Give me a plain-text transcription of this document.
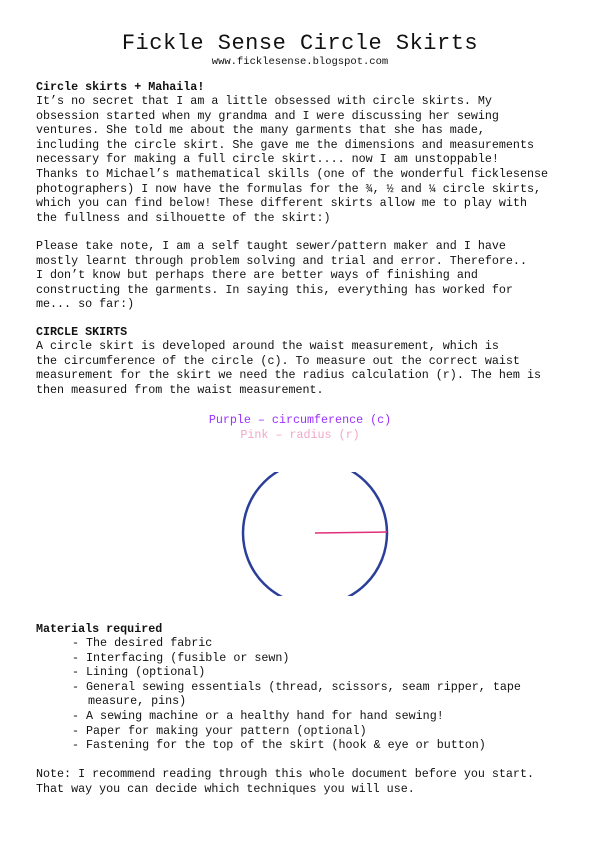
Fickle Sense Circle Skirts
www.ficklesense.blogspot.com
Circle skirts + Mahaila!
It’s no secret that I am a little obsessed with circle skirts. My
obsession started when my grandma and I were discussing her sewing
ventures. She told me about the many garments that she has made,
including the circle skirt. She gave me the dimensions and measurements
necessary for making a full circle skirt.... now I am unstoppable!
Thanks to Michael’s mathematical skills (one of the wonderful ficklesense
photographers) I now have the formulas for the ¾, ½ and ¼ circle skirts,
which you can find below! These different skirts allow me to play with
the fullness and silhouette of the skirt:)
Please take note, I am a self taught sewer/pattern maker and I have
mostly learnt through problem solving and trial and error. Therefore..
I don’t know but perhaps there are better ways of finishing and
constructing the garments. In saying this, everything has worked for
me... so far:)
CIRCLE SKIRTS
A circle skirt is developed around the waist measurement, which is
the circumference of the circle (c). To measure out the correct waist
measurement for the skirt we need the radius calculation (r). The hem is
then measured from the waist measurement.
Purple – circumference (c)
Pink – radius (r)
Materials required
- The desired fabric
- Interfacing (fusible or sewn)
- Lining (optional)
- General sewing essentials (thread, scissors, seam ripper, tape measure, pins)
- A sewing machine or a healthy hand for hand sewing!
- Paper for making your pattern (optional)
- Fastening for the top of the skirt (hook & eye or button)
Note: I recommend reading through this whole document before you start.
That way you can decide which techniques you will use.
